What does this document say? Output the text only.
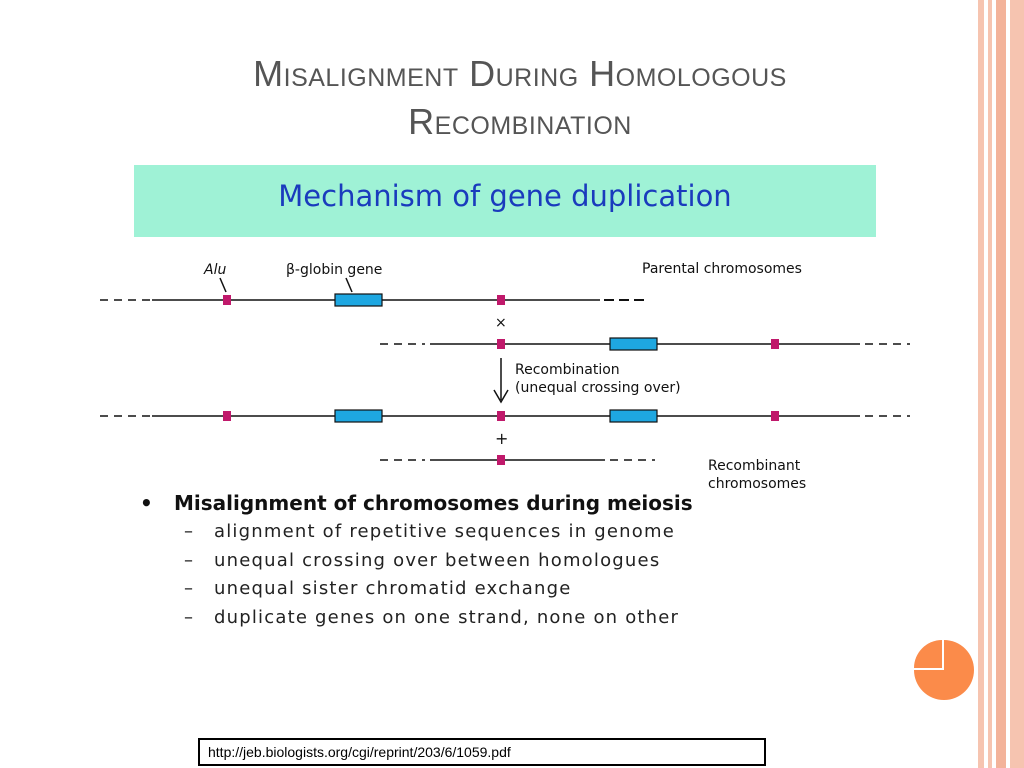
Misalignment During Homologous
Recombination
Mechanism of gene duplication
Alu	β-globin gene	Parental chromosomes
×
Recombination
(unequal crossing over)
+
Recombinant
chromosomes
• Misalignment of chromosomes during meiosis
– alignment of repetitive sequences in genome
– unequal crossing over between homologues
– unequal sister chromatid exchange
– duplicate genes on one strand, none on other
http://jeb.biologists.org/cgi/reprint/203/6/1059.pdf
